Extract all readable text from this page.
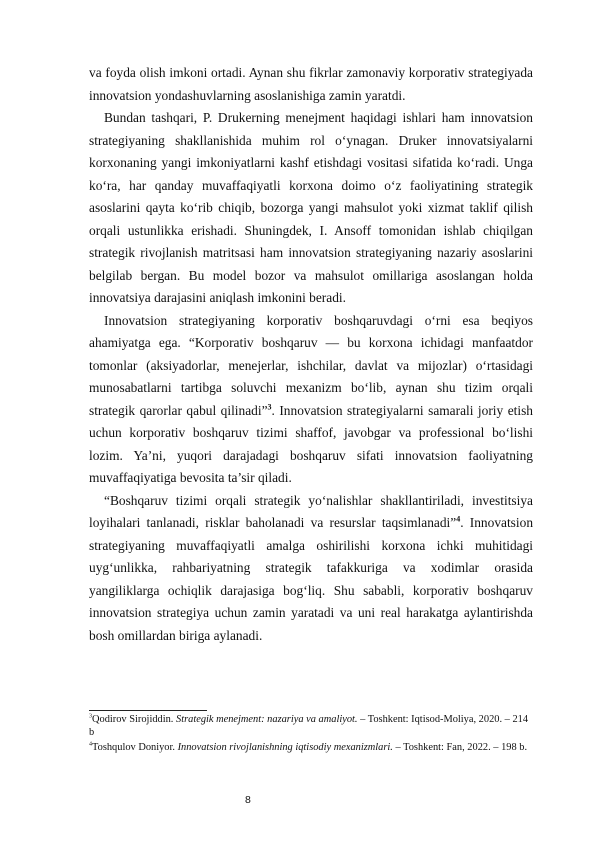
va foyda olish imkoni ortadi. Aynan shu fikrlar zamonaviy korporativ strategiyada innovatsion yondashuvlarning asoslanishiga zamin yaratdi.

Bundan tashqari, P. Drukerning menejment haqidagi ishlari ham innovatsion strategiyaning shakllanishida muhim rol o‘ynagan. Druker innovatsiyalarni korxonaning yangi imkoniyatlarni kashf etishdagi vositasi sifatida ko‘radi. Unga ko‘ra, har qanday muvaffaqiyatli korxona doimo o‘z faoliyatining strategik asoslarini qayta ko‘rib chiqib, bozorga yangi mahsulot yoki xizmat taklif qilish orqali ustunlikka erishadi. Shuningdek, I. Ansoff tomonidan ishlab chiqilgan strategik rivojlanish matritsasi ham innovatsion strategiyaning nazariy asoslarini belgilab bergan. Bu model bozor va mahsulot omillariga asoslangan holda innovatsiya darajasini aniqlash imkonini beradi.

Innovatsion strategiyaning korporativ boshqaruvdagi o‘rni esa beqiyos ahamiyatga ega. “Korporativ boshqaruv — bu korxona ichidagi manfaatdor tomonlar (aksiyadorlar, menejerlar, ishchilar, davlat va mijozlar) o‘rtasidagi munosabatlarni tartibga soluvchi mexanizm bo‘lib, aynan shu tizim orqali strategik qarorlar qabul qilinadi”$^3$. Innovatsion strategiyalarni samarali joriy etish uchun korporativ boshqaruv tizimi shaffof, javobgar va professional bo‘lishi lozim. Ya’ni, yuqori darajadagi boshqaruv sifati innovatsion faoliyatning muvaffaqiyatiga bevosita ta’sir qiladi.

“Boshqaruv tizimi orqali strategik yo‘nalishlar shakllantiriladi, investitsiya loyihalari tanlanadi, risklar baholanadi va resurslar taqsimlanadi”$^4$. Innovatsion strategiyaning muvaffaqiyatli amalga oshirilishi korxona ichki muhitidagi uyg‘unlikka, rahbariyatning strategik tafakkuriga va xodimlar orasida yangiliklarga ochiqlik darajasiga bog‘liq. Shu sababli, korporativ boshqaruv innovatsion strategiya uchun zamin yaratadi va uni real harakatga aylantirishda bosh omillardan biriga aylanadi.

$^3$Qodirov Sirojiddin. Strategik menejment: nazariya va amaliyot. – Toshkent: Iqtisod-Moliya, 2020. – 214 b

$^4$Toshqulov Doniyor. Innovatsion rivojlanishning iqtisodiy mexanizmlari. – Toshkent: Fan, 2022. – 198 b.

8
